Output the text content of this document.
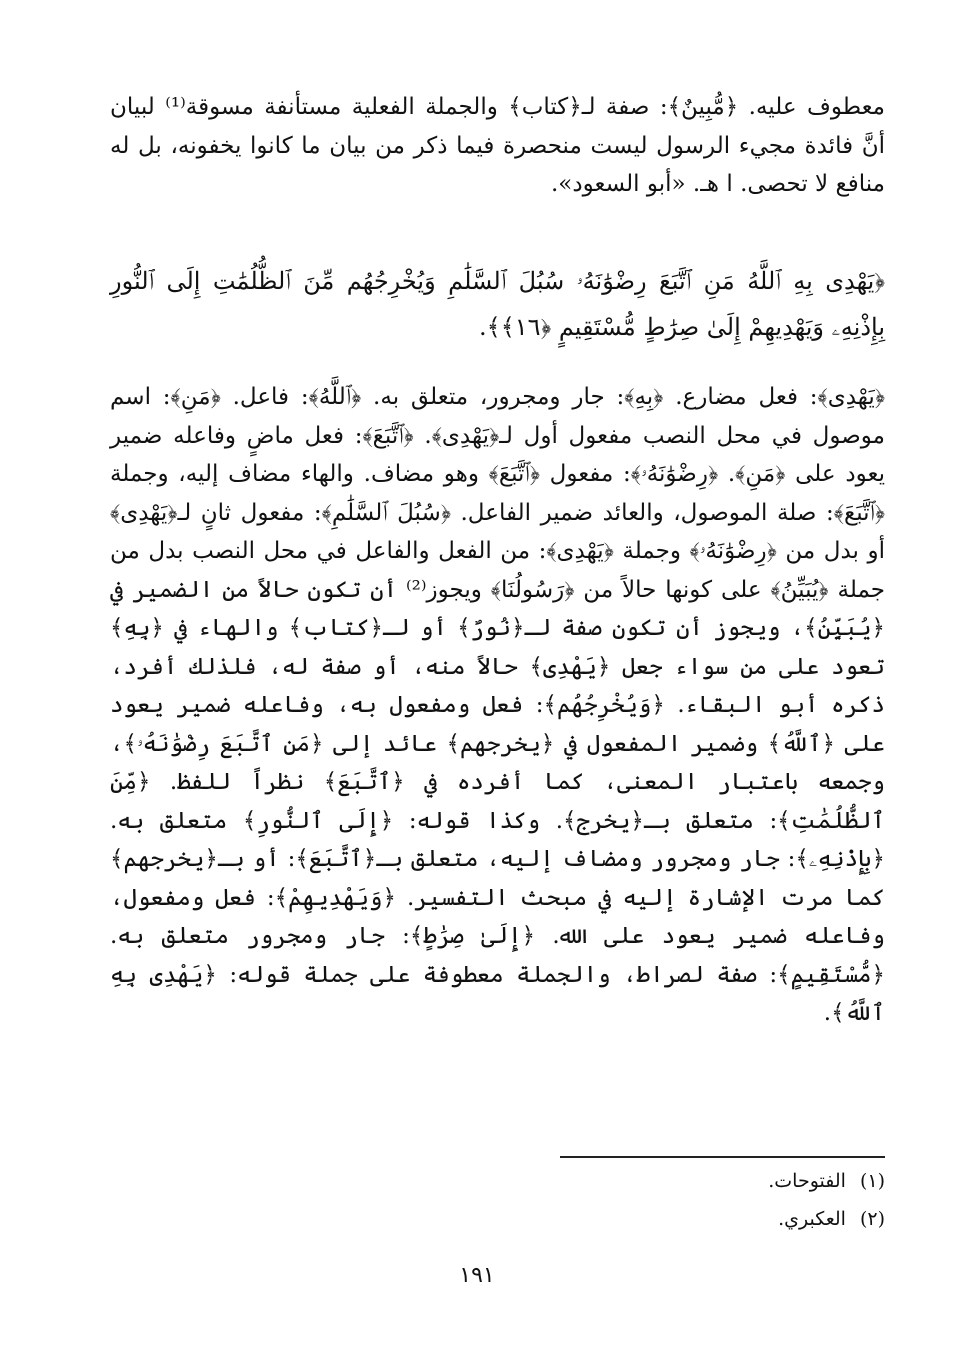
معطوف عليه. ﴿مُّبِينٌ﴾: صفة لـ﴿كتاب﴾ والجملة الفعلية مستأنفة مسوقة⁽¹⁾ لبيان أنَّ فائدة مجيء الرسول ليست منحصرة فيما ذكر من بيان ما كانوا يخفونه، بل له منافع لا تحصى. ا هـ. «أبو السعود».

﴿يَهْدِى بِهِ ٱللَّهُ مَنِ ٱتَّبَعَ رِضْوَٰنَهُۥ سُبُلَ ٱلسَّلَٰمِ وَيُخْرِجُهُم مِّنَ ٱلظُّلُمَٰتِ إِلَى ٱلنُّورِ بِإِذْنِهِۦ وَيَهْدِيهِمْ إِلَىٰ صِرَٰطٍ مُّسْتَقِيمٍ ﴿١٦﴾﴾.

﴿يَهْدِى﴾: فعل مضارع. ﴿بِهِ﴾: جار ومجرور، متعلق به. ﴿ٱللَّهُ﴾: فاعل. ﴿مَنِ﴾: اسم موصول في محل النصب مفعول أول لـ﴿يَهْدِى﴾. ﴿ٱتَّبَعَ﴾: فعل ماضٍ وفاعله ضمير يعود على ﴿مَنِ﴾. ﴿رِضْوَٰنَهُۥ﴾: مفعول ﴿ٱتَّبَعَ﴾ وهو مضاف. والهاء مضاف إليه، وجملة ﴿ٱتَّبَعَ﴾: صلة الموصول، والعائد ضمير الفاعل. ﴿سُبُلَ ٱلسَّلَٰمِ﴾: مفعول ثانٍ لـ﴿يَهْدِى﴾ أو بدل من ﴿رِضْوَٰنَهُۥ﴾ وجملة ﴿يَهْدِى﴾: من الفعل والفاعل في محل النصب بدل من جملة ﴿يُبَيِّنُ﴾ على كونها حالاً من ﴿رَسُولُنَا﴾ ويجوز⁽²⁾ أن تكون حالاً من الضمير في ﴿يُبَيِّنُ﴾، ويجوز أن تكون صفة لـ﴿نُورٌ﴾ أو لـ﴿كتاب﴾ والهاء في ﴿بِهِ﴾ تعود على من سواء جعل ﴿يَهْدِى﴾ حالاً منه، أو صفة له، فلذلك أفرد، ذكره أبو البقاء. ﴿وَيُخْرِجُهُم﴾: فعل ومفعول به، وفاعله ضمير يعود على ﴿ٱللَّهُ﴾ وضمير المفعول في ﴿يخرجهم﴾ عائد إلى ﴿مَنِ ٱتَّبَعَ رِضْوَٰنَهُۥ﴾، وجمعه باعتبار المعنى، كما أفرده في ﴿ٱتَّبَعَ﴾ نظراً للفظ. ﴿مِّنَ ٱلظُّلُمَٰتِ﴾: متعلق بـ﴿يخرج﴾. وكذا قوله: ﴿إِلَى ٱلنُّورِ﴾ متعلق به. ﴿بِإِذْنِهِۦ﴾: جار ومجرور ومضاف إليه، متعلق بـ﴿ٱتَّبَعَ﴾: أو بـ﴿يخرجهم﴾ كما مرت الإشارة إليه في مبحث التفسير. ﴿وَيَهْدِيهِمْ﴾: فعل ومفعول، وفاعله ضمير يعود على الله. ﴿إِلَىٰ صِرَٰطٍ﴾: جار ومجرور متعلق به. ﴿مُّسْتَقِيمٍ﴾: صفة لصراط، والجملة معطوفة على جملة قوله: ﴿يَهْدِى بِهِ ٱللَّهُ﴾.

(١)الفتوحات.
(٢)العكبري.
١٩١
